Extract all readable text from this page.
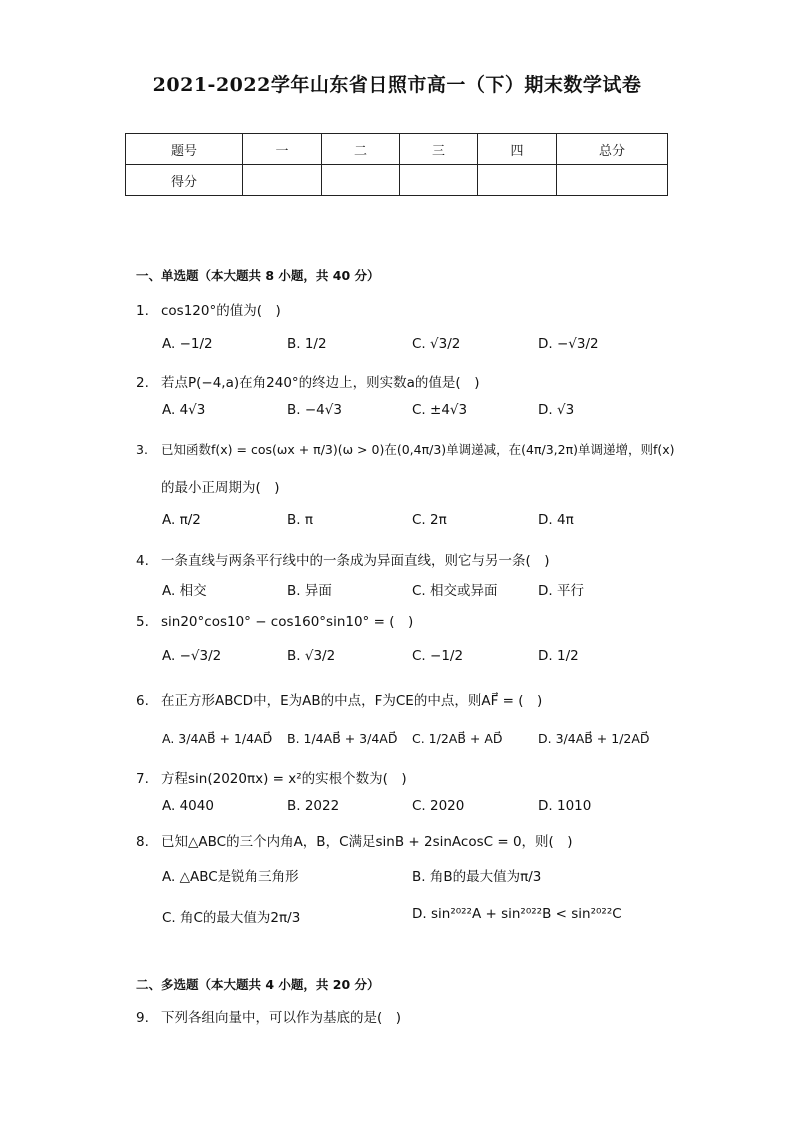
2021-2022学年山东省日照市高一（下）期末数学试卷
题号	一	二	三	四	总分
得分					
一、单选题（本大题共 8 小题，共 40 分）
1. cos120°的值为(　)
A. −1/2	B. 1/2	C. √3/2	D. −√3/2
2. 若点P(−4,a)在角240°的终边上，则实数a的值是(　)
A. 4√3	B. −4√3	C. ±4√3	D. √3
3. 已知函数f(x) = cos(ωx + π/3)(ω > 0)在(0,4π/3)单调递减，在(4π/3,2π)单调递增，则f(x)
的最小正周期为(　)
A. π/2	B. π	C. 2π	D. 4π
4. 一条直线与两条平行线中的一条成为异面直线，则它与另一条(　)
A. 相交	B. 异面	C. 相交或异面	D. 平行
5. sin20°cos10° − cos160°sin10° = (　)
A. −√3/2	B. √3/2	C. −1/2	D. 1/2
6. 在正方形ABCD中，E为AB的中点，F为CE的中点，则AF⃗ = (　)
A. 3/4AB⃗ + 1/4AD⃗ B. 1/4AB⃗ + 3/4AD⃗ C. 1/2AB⃗ + AD⃗	D. 3/4AB⃗ + 1/2AD⃗
7. 方程sin(2020πx) = x²的实根个数为(　)
A. 4040	B. 2022	C. 2020	D. 1010
8. 已知△ABC的三个内角A，B，C满足sinB + 2sinAcosC = 0，则(　)
A. △ABC是锐角三角形	B. 角B的最大值为π/3
C. 角C的最大值为2π/3	D. sin²⁰²²A + sin²⁰²²B < sin²⁰²²C
二、多选题（本大题共 4 小题，共 20 分）
9. 下列各组向量中，可以作为基底的是(　)
